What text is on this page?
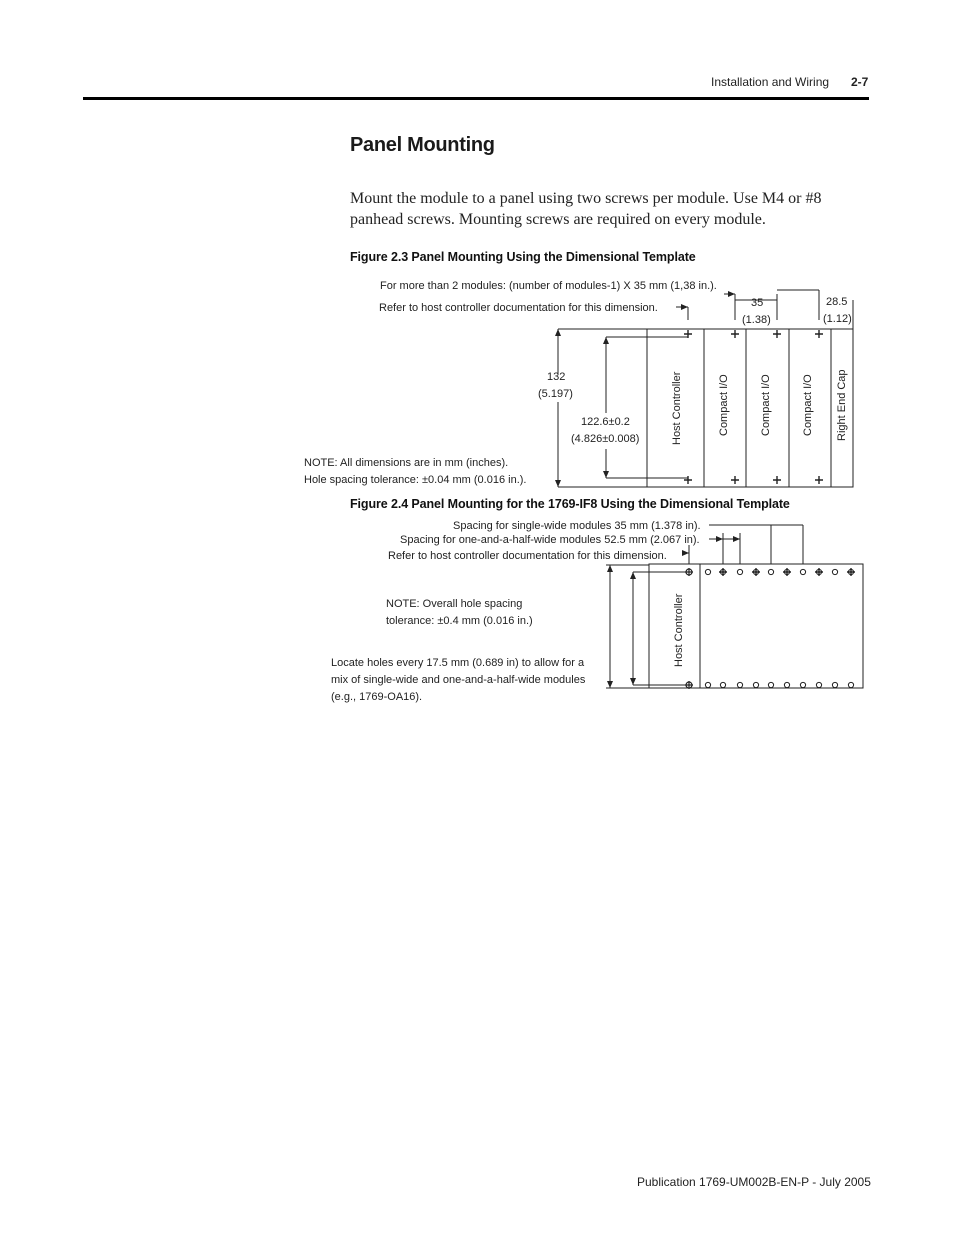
Installation and Wiring 2-7
Panel Mounting
Mount the module to a panel using two screws per module. Use M4 or #8
panhead screws. Mounting screws are required on every module.
Figure 2.3 Panel Mounting Using the Dimensional Template
For more than 2 modules: (number of modules-1) X 35 mm (1,38 in.).
Refer to host controller documentation for this dimension.	35
(1.38)
28.5
(1.12)
132
(5.197)
122.6±0.2
(4.826±0.008)	Host Controller	Compact I/O	Compact I/O	Compact I/O Right End Cap
NOTE: All dimensions are in mm (inches).
Hole spacing tolerance: ±0.04 mm (0.016 in.).
Figure 2.4 Panel Mounting for the 1769-IF8 Using the Dimensional Template
Spacing for single-wide modules 35 mm (1.378 in).
Spacing for one-and-a-half-wide modules 52.5 mm (2.067 in).
Refer to host controller documentation for this dimension.
NOTE: Overall hole spacing
tolerance: ±0.4 mm (0.016 in.)
Locate holes every 17.5 mm (0.689 in) to allow for a
mix of single-wide and one-and-a-half-wide modules
(e.g., 1769-OA16).
Host Controller
Publication 1769-UM002B-EN-P - July 2005
